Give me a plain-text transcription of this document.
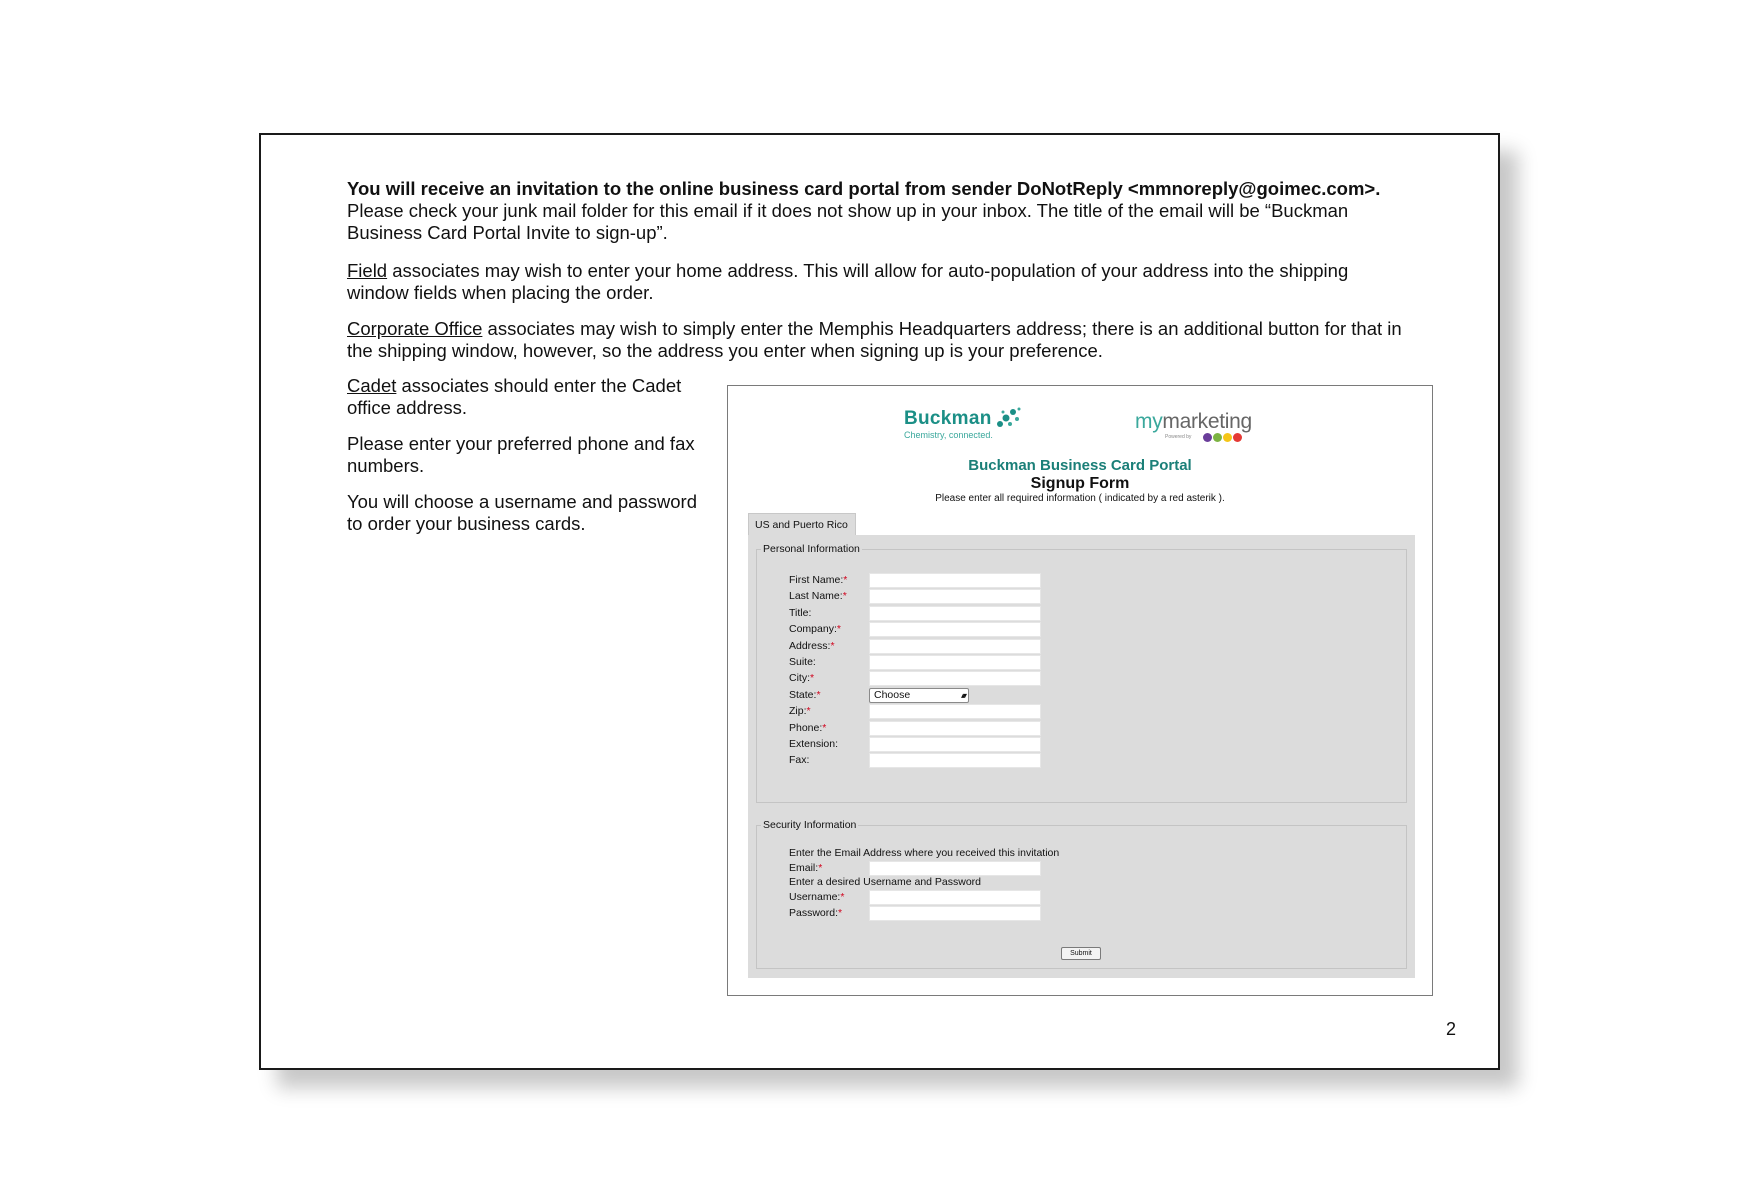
You will receive an invitation to the online business card portal from sender DoNotReply <mmnoreply@goimec.com>.
Please check your junk mail folder for this email if it does not show up in your inbox. The title of the email will be “Buckman Business Card Portal Invite to sign-up”.

Field associates may wish to enter your home address. This will allow for auto-population of your address into the shipping window fields when placing the order.

Corporate Office associates may wish to simply enter the Memphis Headquarters address; there is an additional button for that in the shipping window, however, so the address you enter when signing up is your preference.

Cadet associates should enter the Cadet office address.

Please enter your preferred phone and fax numbers.

You will choose a username and password to order your business cards.

Buckman
Chemistry, connected.
mymarketing
Powered by
Buckman Business Card Portal
Signup Form
Please enter all required information ( indicated by a red asterik ).
US and Puerto Rico
Personal Information
First Name:*
Last Name:*
Title:
Company:*
Address:*
Suite:
City:*
State:*	Choose	▴▾
Zip:*
Phone:*
Extension:
Fax:
Security Information
Enter the Email Address where you received this invitation
Email:*
Enter a desired Username and Password
Username:*
Password:*
Submit
2
